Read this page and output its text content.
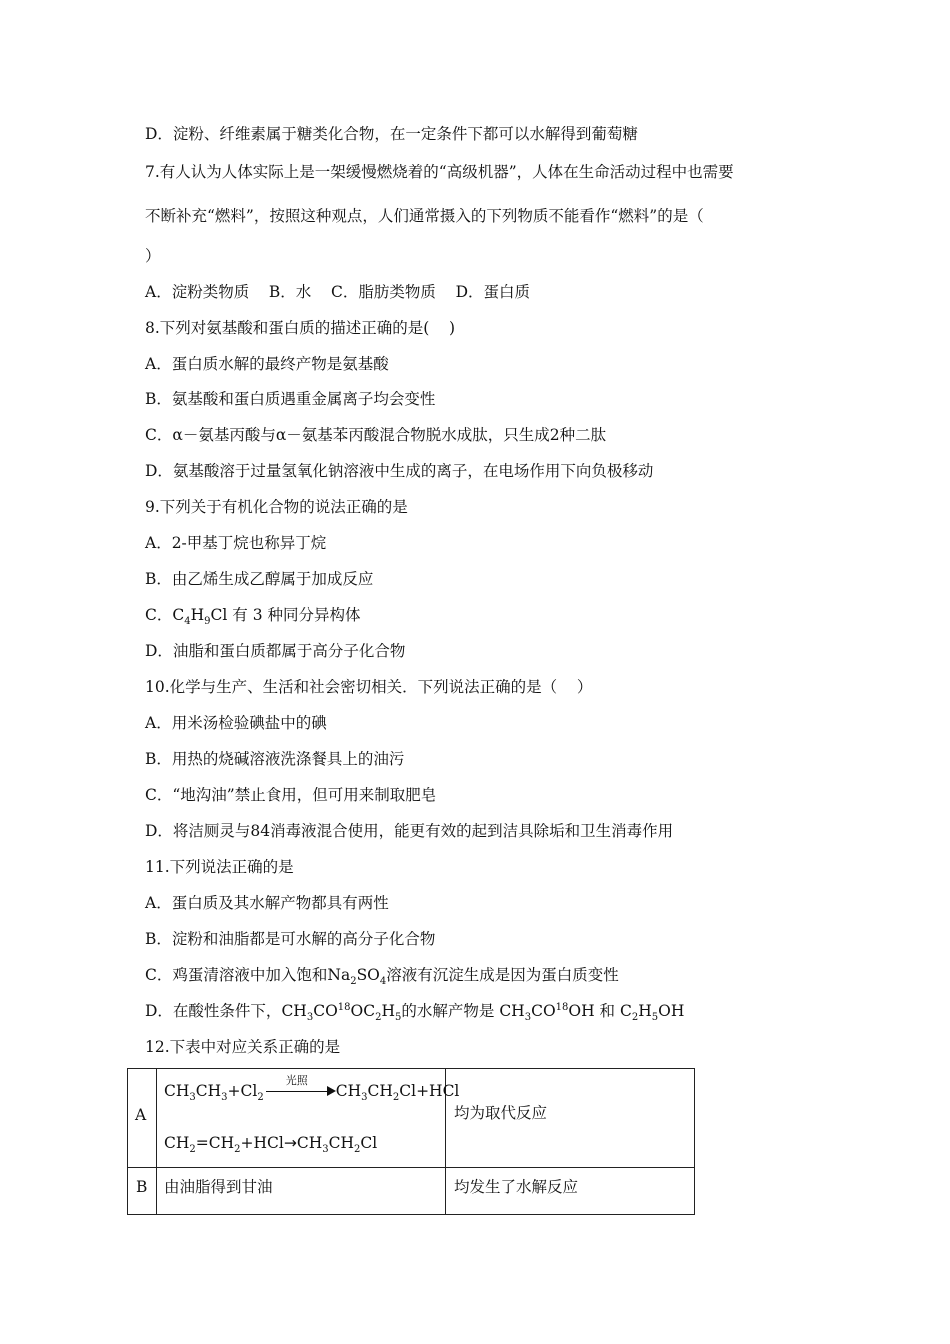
D．淀粉、纤维素属于糖类化合物，在一定条件下都可以水解得到葡萄糖
7.有人认为人体实际上是一架缓慢燃烧着的“高级机器”，人体在生命活动过程中也需要
不断补充“燃料”，按照这种观点，人们通常摄入的下列物质不能看作“燃料”的是（
）
A．淀粉类物质    B．水    C．脂肪类物质    D．蛋白质
8.下列对氨基酸和蛋白质的描述正确的是(    )
A．蛋白质水解的最终产物是氨基酸
B．氨基酸和蛋白质遇重金属离子均会变性
C．α－氨基丙酸与α－氨基苯丙酸混合物脱水成肽，只生成2种二肽
D．氨基酸溶于过量氢氧化钠溶液中生成的离子，在电场作用下向负极移动
9.下列关于有机化合物的说法正确的是
A．2-甲基丁烷也称异丁烷
B．由乙烯生成乙醇属于加成反应
C．$C_4H_9Cl$ 有 3 种同分异构体
D．油脂和蛋白质都属于高分子化合物
10.化学与生产、生活和社会密切相关．下列说法正确的是（    ）
A．用米汤检验碘盐中的碘
B．用热的烧碱溶液洗涤餐具上的油污
C．“地沟油”禁止食用，但可用来制取肥皂
D．将洁厕灵与84消毒液混合使用，能更有效的起到洁具除垢和卫生消毒作用
11.下列说法正确的是
A．蛋白质及其水解产物都具有两性
B．淀粉和油脂都是可水解的高分子化合物
C．鸡蛋清溶液中加入饱和$Na_2SO_4$溶液有沉淀生成是因为蛋白质变性
D．在酸性条件下，$CH_3CO^{18}OC_2H_5$的水解产物是 $CH_3CO^{18}OH$ 和 $C_2H_5OH$
12.下表中对应关系正确的是
A
$CH_3CH_3+Cl_2$
光照
$CH_3CH_2Cl+HCl$
$CH_2=CH_2+HCl\to CH_3CH_2Cl$
均为取代反应
B 由油脂得到甘油	均发生了水解反应
